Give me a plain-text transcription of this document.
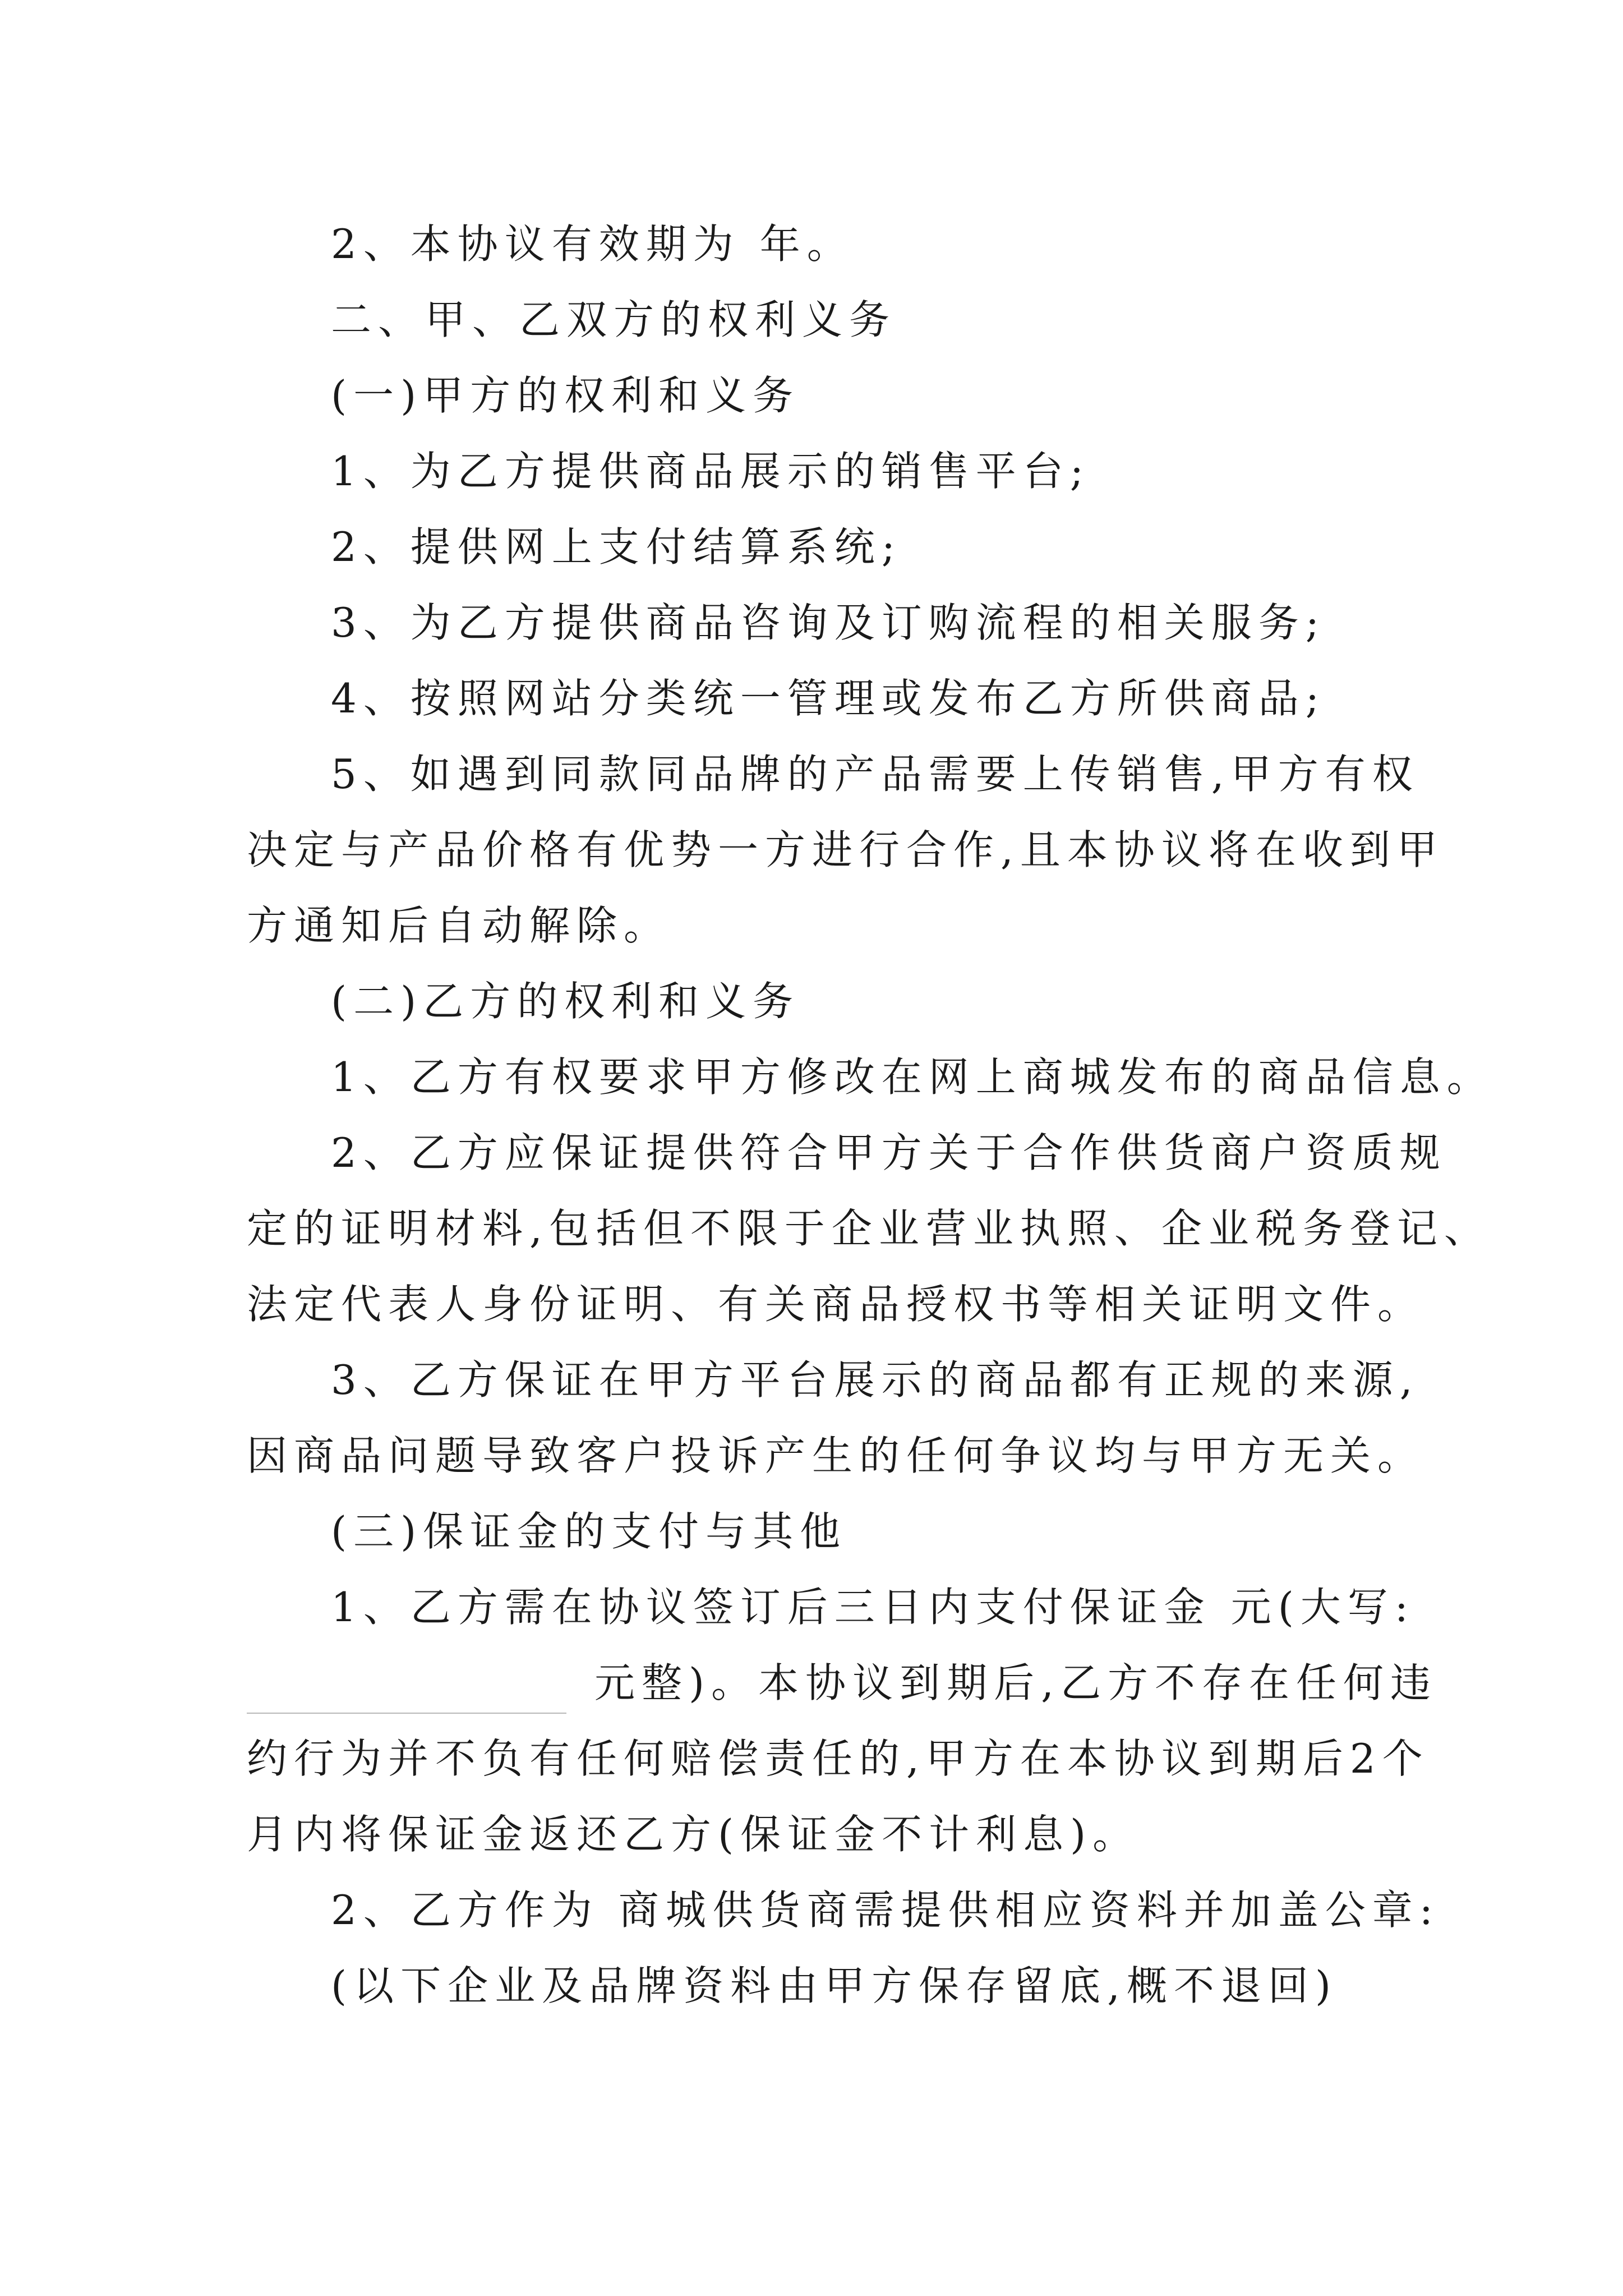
2、本协议有效期为 年。
二、甲、乙双方的权利义务
(一)甲方的权利和义务
1、为乙方提供商品展示的销售平台;
2、提供网上支付结算系统;
3、为乙方提供商品咨询及订购流程的相关服务;
4、按照网站分类统一管理或发布乙方所供商品;
5、如遇到同款同品牌的产品需要上传销售,甲方有权
决定与产品价格有优势一方进行合作,且本协议将在收到甲
方通知后自动解除。
(二)乙方的权利和义务
1、乙方有权要求甲方修改在网上商城发布的商品信息。
2、乙方应保证提供符合甲方关于合作供货商户资质规
定的证明材料,包括但不限于企业营业执照、企业税务登记、
法定代表人身份证明、有关商品授权书等相关证明文件。
3、乙方保证在甲方平台展示的商品都有正规的来源,
因商品问题导致客户投诉产生的任何争议均与甲方无关。
(三)保证金的支付与其他
1、乙方需在协议签订后三日内支付保证金 元(大写:
元整)。本协议到期后,乙方不存在任何违
约行为并不负有任何赔偿责任的,甲方在本协议到期后2个
月内将保证金返还乙方(保证金不计利息)。
2、乙方作为 商城供货商需提供相应资料并加盖公章:
(以下企业及品牌资料由甲方保存留底,概不退回)
